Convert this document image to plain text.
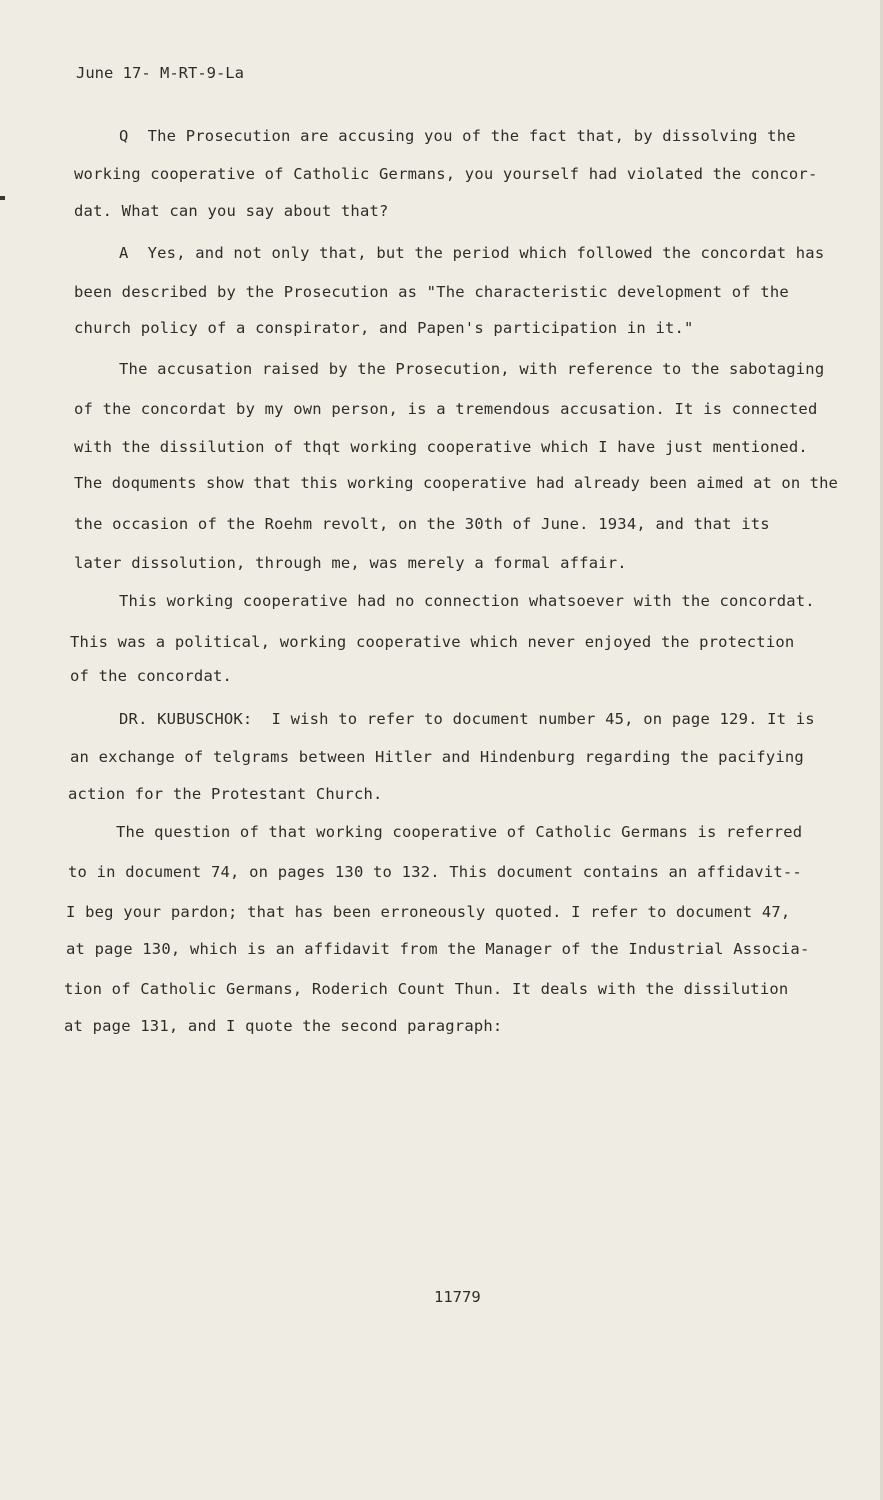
June 17- M-RT-9-La
Q  The Prosecution are accusing you of the fact that, by dissolving the
working cooperative of Catholic Germans, you yourself had violated the concor-
dat. What can you say about that?
A  Yes, and not only that, but the period which followed the concordat has
been described by the Prosecution as "The characteristic development of the
church policy of a conspirator, and Papen's participation in it."
The accusation raised by the Prosecution, with reference to the sabotaging
of the concordat by my own person, is a tremendous accusation. It is connected
with the dissilution of thqt working cooperative which I have just mentioned.
The doquments show that this working cooperative had already been aimed at on the
the occasion of the Roehm revolt, on the 30th of June. 1934, and that its
later dissolution, through me, was merely a formal affair.
This working cooperative had no connection whatsoever with the concordat.
This was a political, working cooperative which never enjoyed the protection
of the concordat.
DR. KUBUSCHOK:  I wish to refer to document number 45, on page 129. It is
an exchange of telgrams between Hitler and Hindenburg regarding the pacifying
action for the Protestant Church.
The question of that working cooperative of Catholic Germans is referred
to in document 74, on pages 130 to 132. This document contains an affidavit--
I beg your pardon; that has been erroneously quoted. I refer to document 47,
at page 130, which is an affidavit from the Manager of the Industrial Associa-
tion of Catholic Germans, Roderich Count Thun. It deals with the dissilution
at page 131, and I quote the second paragraph:
11779
